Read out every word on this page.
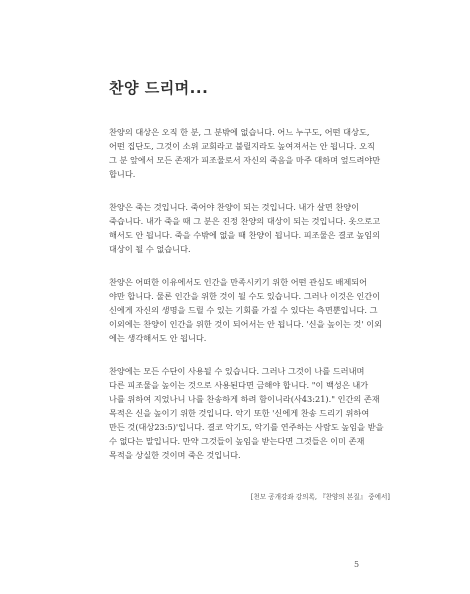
찬양 드리며...
찬양의 대상은 오직 한 분, 그 분밖에 없습니다. 어느 누구도, 어떤 대상도,
어떤 집단도, 그것이 소위 교회라고 불릴지라도 높여져서는 안 됩니다. 오직
그 분 앞에서 모든 존재가 피조물로서 자신의 죽음을 마주 대하며 엎드려야만
합니다.
찬양은 죽는 것입니다. 죽어야 찬양이 되는 것입니다. 내가 살면 찬양이
죽습니다. 내가 죽을 때 그 분은 진정 찬양의 대상이 되는 것입니다. 옷으로고
해서도 안 됩니다. 죽을 수밖에 없을 때 찬양이 됩니다. 피조물은 결코 높임의
대상이 될 수 없습니다.
찬양은 어떠한 이유에서도 인간을 만족시키기 위한 어떤 관심도 배제되어
야만 합니다. 물론 인간을 위한 것이 될 수도 있습니다. 그러나 이것은 인간이
신에게 자신의 생명을 드릴 수 있는 기회를 가질 수 있다는 측면뿐입니다. 그
이외에는 찬양이 인간을 위한 것이 되어서는 안 됩니다. '신을 높이는 것' 이외
에는 생각해서도 안 됩니다.
찬양에는 모든 수단이 사용될 수 있습니다. 그러나 그것이 나를 드러내며
다른 피조물을 높이는 것으로 사용된다면 금해야 합니다. "이 백성은 내가
나를 위하여 지었나니 나를 찬송하게 하려 함이니라(사43:21)." 인간의 존재
목적은 신을 높이기 위한 것입니다. 악기 또한 '신에게 찬송 드리기 위하여
만든 것(대상23:5)'입니다. 결코 악기도, 악기를 연주하는 사람도 높임을 받을
수 없다는 말입니다. 만약 그것들이 높임을 받는다면 그것들은 이미 존재
목적을 상실한 것이며 죽은 것입니다.
[천모 공개강좌 강의록, 『찬양의 본질』 중에서]
5
